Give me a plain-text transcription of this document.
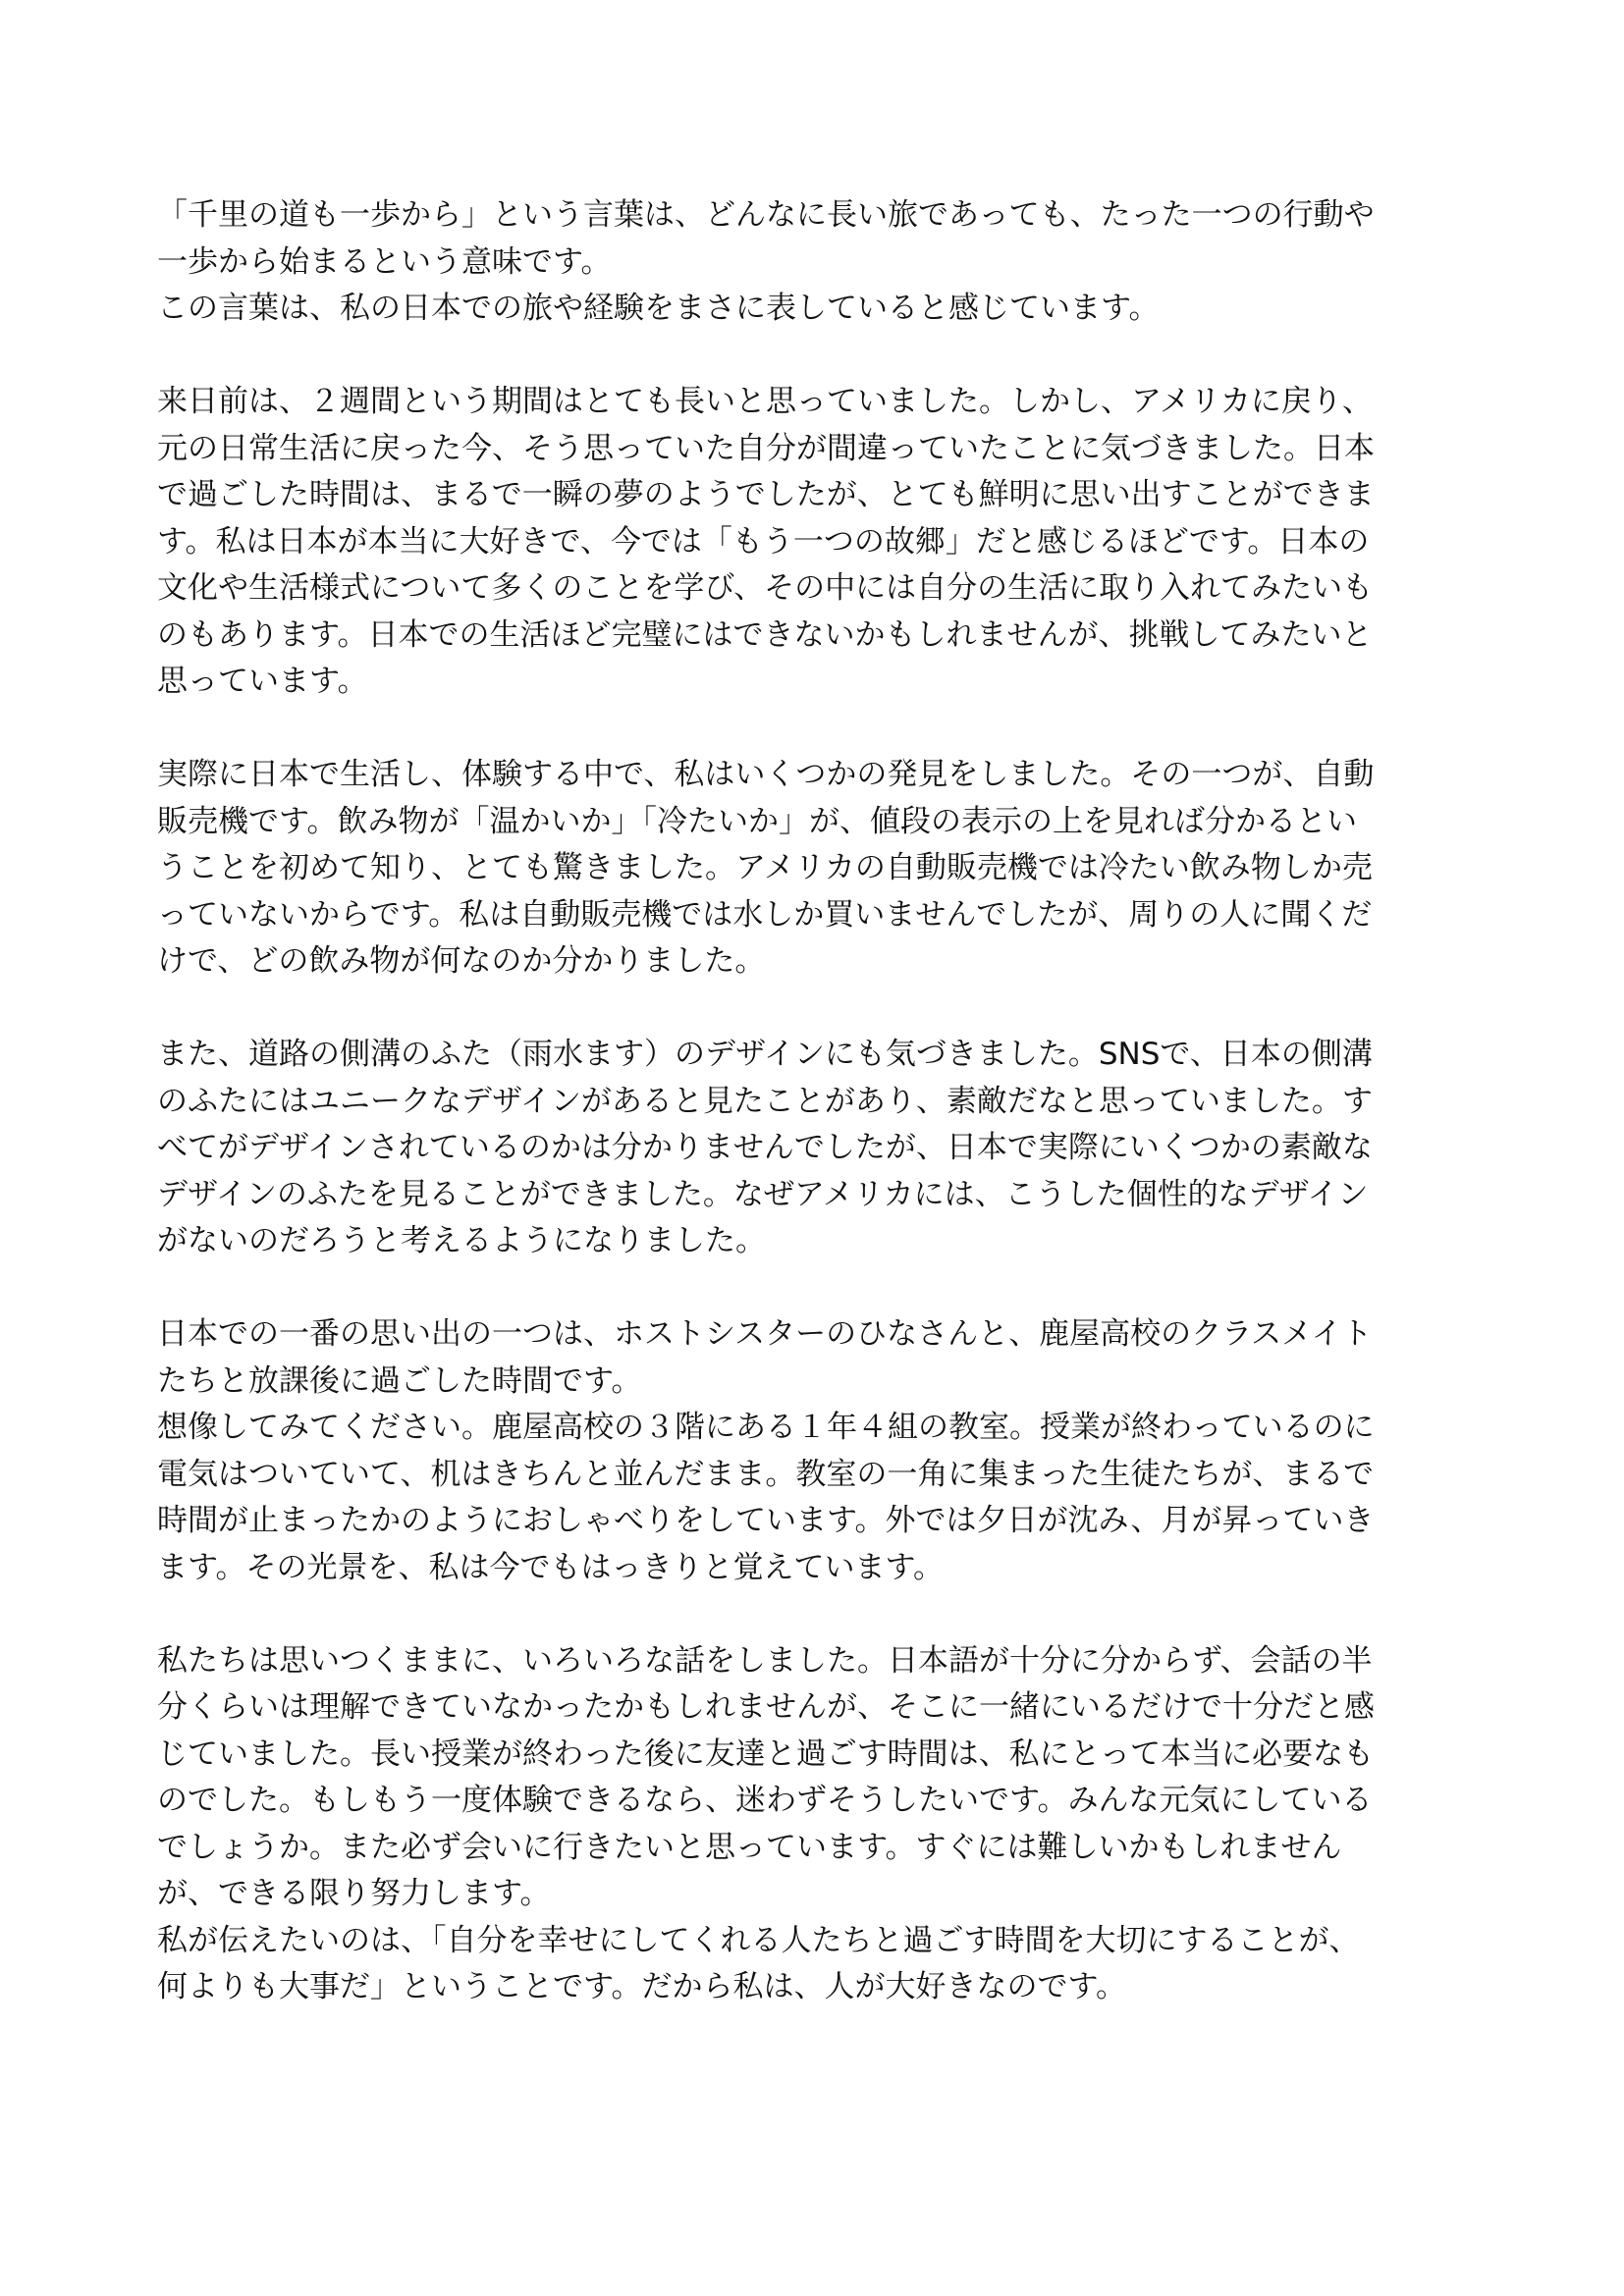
「千里の道も一歩から」という言葉は、どんなに長い旅であっても、たった一つの行動や
一歩から始まるという意味です。
この言葉は、私の日本での旅や経験をまさに表していると感じています。
来日前は、２週間という期間はとても長いと思っていました。しかし、アメリカに戻り、
元の日常生活に戻った今、そう思っていた自分が間違っていたことに気づきました。日本
で過ごした時間は、まるで一瞬の夢のようでしたが、とても鮮明に思い出すことができま
す。私は日本が本当に大好きで、今では「もう一つの故郷」だと感じるほどです。日本の
文化や生活様式について多くのことを学び、その中には自分の生活に取り入れてみたいも
のもあります。日本での生活ほど完璧にはできないかもしれませんが、挑戦してみたいと
思っています。
実際に日本で生活し、体験する中で、私はいくつかの発見をしました。その一つが、自動
販売機です。飲み物が「温かいか」「冷たいか」が、値段の表示の上を見れば分かるとい
うことを初めて知り、とても驚きました。アメリカの自動販売機では冷たい飲み物しか売
っていないからです。私は自動販売機では水しか買いませんでしたが、周りの人に聞くだ
けで、どの飲み物が何なのか分かりました。
また、道路の側溝のふた（雨水ます）のデザインにも気づきました。SNSで、日本の側溝
のふたにはユニークなデザインがあると見たことがあり、素敵だなと思っていました。す
べてがデザインされているのかは分かりませんでしたが、日本で実際にいくつかの素敵な
デザインのふたを見ることができました。なぜアメリカには、こうした個性的なデザイン
がないのだろうと考えるようになりました。
日本での一番の思い出の一つは、ホストシスターのひなさんと、鹿屋高校のクラスメイト
たちと放課後に過ごした時間です。
想像してみてください。鹿屋高校の３階にある１年４組の教室。授業が終わっているのに
電気はついていて、机はきちんと並んだまま。教室の一角に集まった生徒たちが、まるで
時間が止まったかのようにおしゃべりをしています。外では夕日が沈み、月が昇っていき
ます。その光景を、私は今でもはっきりと覚えています。
私たちは思いつくままに、いろいろな話をしました。日本語が十分に分からず、会話の半
分くらいは理解できていなかったかもしれませんが、そこに一緒にいるだけで十分だと感
じていました。長い授業が終わった後に友達と過ごす時間は、私にとって本当に必要なも
のでした。もしもう一度体験できるなら、迷わずそうしたいです。みんな元気にしている
でしょうか。また必ず会いに行きたいと思っています。すぐには難しいかもしれません
が、できる限り努力します。
私が伝えたいのは、「自分を幸せにしてくれる人たちと過ごす時間を大切にすることが、
何よりも大事だ」ということです。だから私は、人が大好きなのです。
